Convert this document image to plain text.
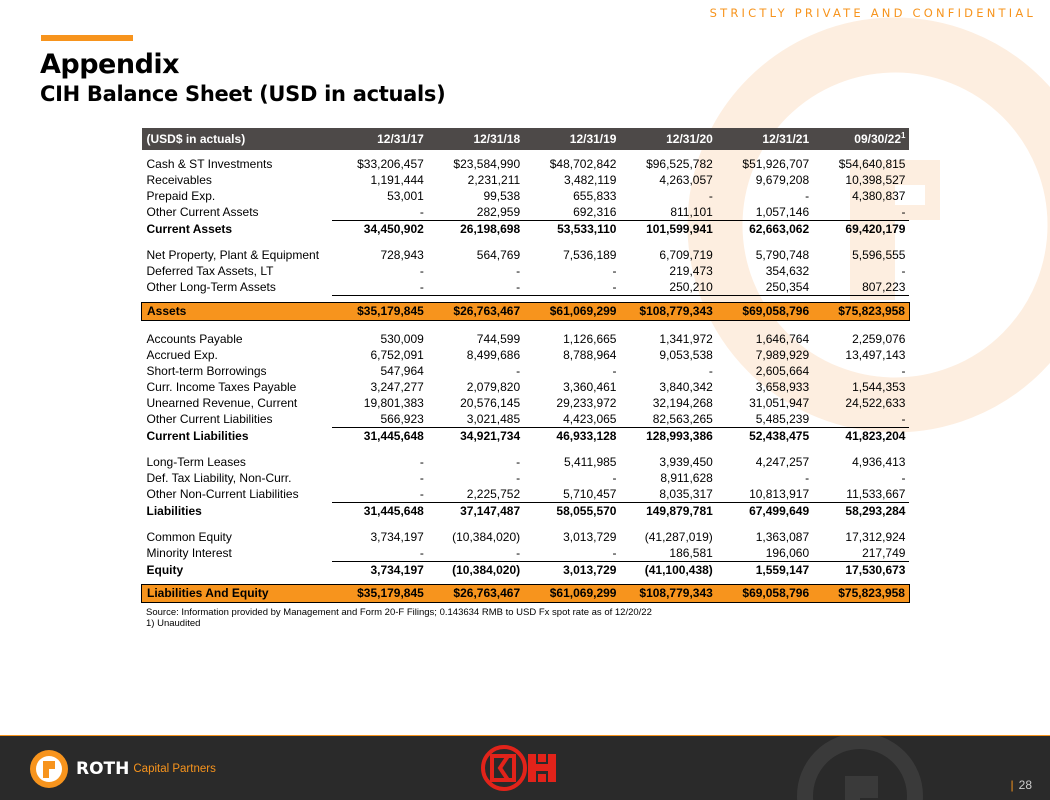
STRICTLY PRIVATE AND CONFIDENTIAL
Appendix
CIH Balance Sheet (USD in actuals)
(USD$ in actuals)	12/31/17	12/31/18	12/31/19	12/31/20	12/31/21	$09/30/22^1$

Cash & ST Investments	$33,206,457	$23,584,990	$48,702,842	$96,525,782	$51,926,707	$54,640,815
Receivables	1,191,444	2,231,211	3,482,119	4,263,057	9,679,208	10,398,527
Prepaid Exp.	53,001	99,538	655,833	-	-	4,380,837
Other Current Assets	-	282,959	692,316	811,101	1,057,146	-
Current Assets	34,450,902	26,198,698	53,533,110	101,599,941	62,663,062	69,420,179

Net Property, Plant & Equipment	728,943	564,769	7,536,189	6,709,719	5,790,748	5,596,555
Deferred Tax Assets, LT	-	-	-	219,473	354,632	-
Other Long-Term Assets	-	-	-	250,210	250,354	807,223

Assets	$35,179,845	$26,763,467	$61,069,299	$108,779,343	$69,058,796	$75,823,958

Accounts Payable	530,009	744,599	1,126,665	1,341,972	1,646,764	2,259,076
Accrued Exp.	6,752,091	8,499,686	8,788,964	9,053,538	7,989,929	13,497,143
Short-term Borrowings	547,964	-	-	-	2,605,664	-
Curr. Income Taxes Payable	3,247,277	2,079,820	3,360,461	3,840,342	3,658,933	1,544,353
Unearned Revenue, Current	19,801,383	20,576,145	29,233,972	32,194,268	31,051,947	24,522,633
Other Current Liabilities	566,923	3,021,485	4,423,065	82,563,265	5,485,239	-
Current Liabilities	31,445,648	34,921,734	46,933,128	128,993,386	52,438,475	41,823,204

Long-Term Leases	-	-	5,411,985	3,939,450	4,247,257	4,936,413
Def. Tax Liability, Non-Curr.	-	-	-	8,911,628	-	-
Other Non-Current Liabilities	-	2,225,752	5,710,457	8,035,317	10,813,917	11,533,667
Liabilities	31,445,648	37,147,487	58,055,570	149,879,781	67,499,649	58,293,284

Common Equity	3,734,197	(10,384,020)	3,013,729	(41,287,019)	1,363,087	17,312,924
Minority Interest	-	-	-	186,581	196,060	217,749
Equity	3,734,197	(10,384,020)	3,013,729	(41,100,438)	1,559,147	17,530,673

Liabilities And Equity	$35,179,845	$26,763,467	$61,069,299	$108,779,343	$69,058,796	$75,823,958
Source: Information provided by Management and Form 20-F Filings; 0.143634 RMB to USD Fx spot rate as of 12/20/22
1) Unaudited
ROTH Capital Partners
| 28
